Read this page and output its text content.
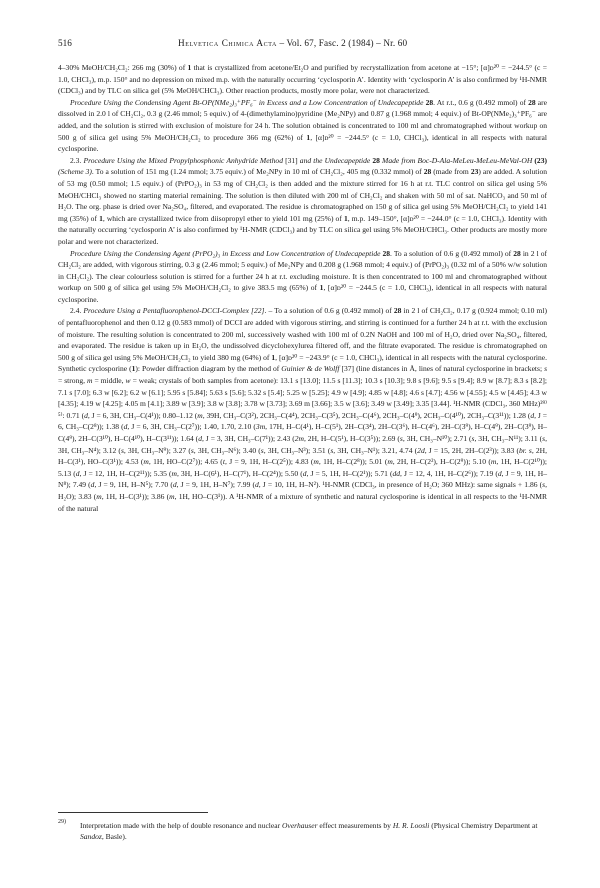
516	Helvetica Chimica Acta – Vol. 67, Fasc. 2 (1984) – Nr. 60

4–30% MeOH/CH₂Cl₂: 266 mg (30%) of 1 that is crystallized from acetone/Et₂O and purified by recrystallization from acetone at −15°; [α]ᴅ²⁰ = −244.5° (c = 1.0, CHCl₃), m.p. 150° and no depression on mixed m.p. with the naturally occurring ‘cyclosporin A’. Identity with ‘cyclosporin A’ is also confirmed by ¹H-NMR (CDCl₃) and by TLC on silica gel (5% MeOH/CHCl₃). Other reaction products, mostly more polar, were not characterized.

Procedure Using the Condensing Agent Bt-OP(NMe₂)₃⁺PF₆⁻ in Excess and a Low Concentration of Undecapeptide 28. At r.t., 0.6 g (0.492 mmol) of 28 are dissolved in 2.0 l of CH₂Cl₂, 0.3 g (2.46 mmol; 5 equiv.) of 4-(dimethylamino)pyridine (Me₂NPy) and 0.87 g (1.968 mmol; 4 equiv.) of Bt-OP(NMe₂)₃⁺PF₆⁻ are added, and the solution is stirred with exclusion of moisture for 24 h. The solution obtained is concentrated to 100 ml and chromatographed without workup on 500 g of silica gel using 5% MeOH/CH₂Cl₂ to procedure 366 mg (62%) of 1, [α]ᴅ²⁰ = −244.5° (c = 1.0, CHCl₃), identical in all respects with natural cyclosporine.

2.3. Procedure Using the Mixed Propylphosphonic Anhydride Method [31] and the Undecapeptide 28 Made from Boc-D-Ala-MeLeu-MeLeu-MeVal-OH (23) (Scheme 3). To a solution of 151 mg (1.24 mmol; 3.75 equiv.) of Me₂NPy in 10 ml of CH₂Cl₂, 405 mg (0.332 mmol) of 28 (made from 23) are added. A solution of 53 mg (0.50 mmol; 1.5 equiv.) of (PrPO₂)₃ in 53 mg of CH₂Cl₂ is then added and the mixture stirred for 16 h at r.t. TLC control on silica gel using 5% MeOH/CHCl₃ showed no starting material remaining. The solution is then diluted with 200 ml of CH₂Cl₂ and shaken with 50 ml of sat. NaHCO₃ and 50 ml of H₂O. The org. phase is dried over Na₂SO₄, filtered, and evaporated. The residue is chromatographed on 150 g of silica gel using 5% MeOH/CH₂Cl₂ to yield 141 mg (35%) of 1, which are crystallized twice from diisopropyl ether to yield 101 mg (25%) of 1, m.p. 149–150°, [α]ᴅ²⁰ = −244.0° (c = 1.0, CHCl₃). Identity with the naturally occurring ‘cyclosporin A’ is also confirmed by ¹H-NMR (CDCl₃) and by TLC on silica gel using 5% MeOH/CHCl₃. Other products are mostly more polar and were not characterized.

Procedure Using the Condensing Agent (PrPO₂)₃ in Excess and Low Concentration of Undecapeptide 28. To a solution of 0.6 g (0.492 mmol) of 28 in 2 l of CH₂Cl₂ are added, with vigorous stirring, 0.3 g (2.46 mmol; 5 equiv.) of Me₂NPy and 0.208 g (1.968 mmol; 4 equiv.) of (PrPO₂)₃ (0.32 ml of a 50% w/w solution in CH₂Cl₂). The clear colourless solution is stirred for a further 24 h at r.t. excluding moisture. It is then concentrated to 100 ml and chromatographed without workup on 500 g of silica gel using 5% MeOH/CH₂Cl₂ to give 383.5 mg (65%) of 1, [α]ᴅ²⁰ = −244.5 (c = 1.0, CHCl₃), identical in all respects with natural cyclosporine.

2.4. Procedure Using a Pentafluorophenol-DCCI-Complex [22]. – To a solution of 0.6 g (0.492 mmol) of 28 in 2 l of CH₂Cl₂, 0.17 g (0.924 mmol; 0.10 ml) of pentafluorophenol and then 0.12 g (0.583 mmol) of DCCI are added with vigorous stirring, and stirring is continued for a further 24 h at r.t. with the exclusion of moisture. The resulting solution is concentrated to 200 ml, successively washed with 100 ml of 0.2N NaOH and 100 ml of H₂O, dried over Na₂SO₄, filtered, and evaporated. The residue is taken up in Et₂O, the undissolved dicyclohexylurea filtered off, and the filtrate evaporated. The residue is chromatographed on 500 g of silica gel using 5% MeOH/CH₂Cl₂ to yield 380 mg (64%) of 1, [α]ᴅ²⁰ = −243.9° (c = 1.0, CHCl₃), identical in all respects with the natural cyclosporine. Synthetic cyclosporine (1): Powder diffraction diagram by the method of Guinier & de Wolff [37] (line distances in Å, lines of natural cyclosporine in brackets; s = strong, m = middle, w = weak; crystals of both samples from acetone): 13.1 s [13.0]; 11.5 s [11.3]; 10.3 s [10.3]; 9.8 s [9.6]; 9.5 s [9.4]; 8.9 w [8.7]; 8.3 s [8.2]; 7.1 s [7.0]; 6.3 w [6.2]; 6.2 w [6.1]; 5.95 s [5.84]; 5.63 s [5.6]; 5.32 s [5.4]; 5.25 w [5.25]; 4.9 w [4.9]; 4.85 w [4.8]; 4.6 s [4.7]; 4.56 w [4.55]; 4.5 w [4.45]; 4.3 w [4.35]; 4.19 w [4.25]; 4.05 m [4.1]; 3.89 w [3.9]; 3.8 w [3.8]; 3.78 w [3.73]; 3.69 m [3.66]; 3.5 w [3.6]; 3.49 w [3.49]; 3.35 [3.44]. ¹H-NMR (CDCl₃, 360 MHz)²⁹⁾⁵⁾: 0.71 (d, J = 6, 3H, CH₃–C(4¹)); 0.80–1.12 (m, 39H, CH₃–C(3²), 2CH₃–C(4⁴), 2CH₃–C(3⁵), 2CH₃–C(4⁶), 2CH₃–C(4⁹), 2CH₃–C(4¹⁰), 2CH₃–C(3¹¹)); 1.28 (d, J = 6, CH₃–C(2⁸)); 1.38 (d, J = 6, 3H, CH₃–C(2⁷)); 1.40, 1.70, 2.10 (3m, 17H, H–C(4¹), H–C(5¹), 2H–C(3⁴), 2H–C(3⁶), H–C(4⁶), 2H–C(3⁹), H–C(4⁹), 2H–C(3⁹), H–C(4⁹), 2H–C(3¹⁰), H–C(4¹⁰), H–C(3¹¹)); 1.64 (d, J = 3, 3H, CH₃–C(7¹)); 2.43 (2m, 2H, H–C(5¹), H–C(3⁵)); 2.69 (s, 3H, CH₃–N¹⁰); 2.71 (s, 3H, CH₃–N¹¹); 3.11 (s, 3H, CH₃–N⁴); 3.12 (s, 3H, CH₃–N⁹); 3.27 (s, 3H, CH₃–N⁶); 3.40 (s, 3H, CH₃–N³); 3.51 (s, 3H, CH₃–N¹); 3.21, 4.74 (2d, J = 15, 2H, 2H–C(2³)); 3.83 (br. s, 2H, H–C(3¹), HO–C(3¹)); 4.53 (m, 1H, HO–C(2⁷)); 4.65 (t, J = 9, 1H, H–C(2⁵)); 4.83 (m, 1H, H–C(2⁸)); 5.01 (m, 2H, H–C(2²), H–C(2⁹)); 5.10 (m, 1H, H–C(2¹⁰)); 5.13 (d, J = 12, 1H, H–C(2¹¹)); 5.35 (m, 3H, H–C(6¹), H–C(7¹), H–C(2⁴)); 5.50 (d, J = 5, 1H, H–C(2¹)); 5.71 (dd, J = 12, 4, 1H, H–C(2⁶)); 7.19 (d, J = 9, 1H, H–N⁸); 7.49 (d, J = 9, 1H, H–N⁵); 7.70 (d, J = 9, 1H, H–N⁷); 7.99 (d, J = 10, 1H, H–N²). ¹H-NMR (CDCl₃, in presence of H₂O; 360 MHz): same signals + 1.86 (s, H₂O); 3.83 (m, 1H, H–C(3¹)); 3.86 (m, 1H, HO–C(3¹)). A ¹H-NMR of a mixture of synthetic and natural cyclosporine is identical in all respects to the ¹H-NMR of the natural

29) Interpretation made with the help of double resonance and nuclear Overhauser effect measurements by H. R. Loosli (Physical Chemistry Department at Sandoz, Basle).
